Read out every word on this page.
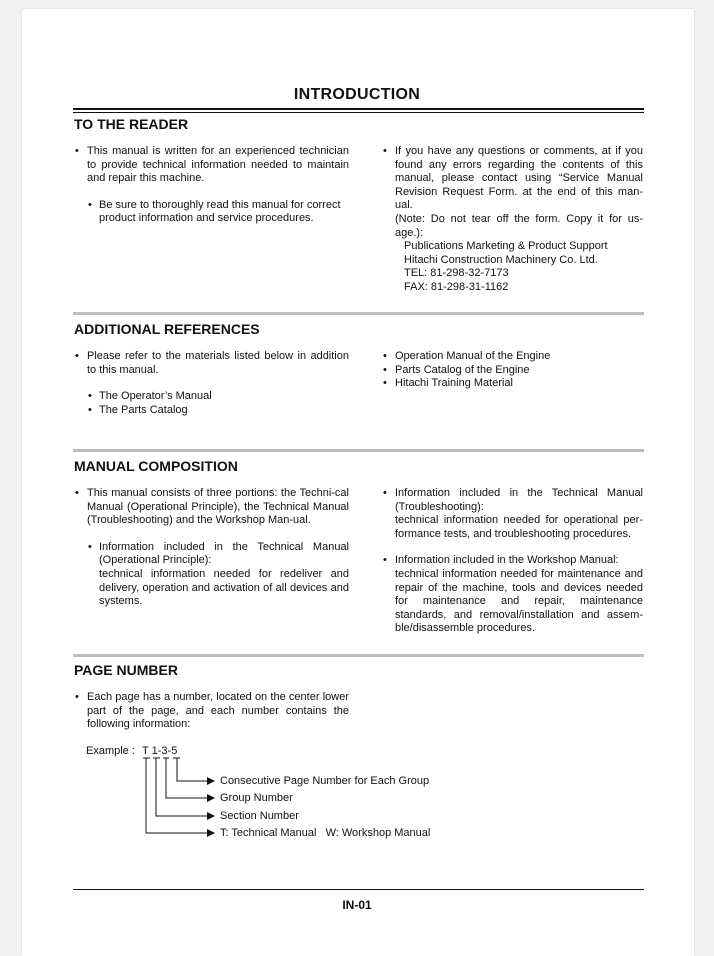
INTRODUCTION
TO THE READER

• This manual is written for an experienced technician to provide technical information needed to maintain and repair this machine.

• Be sure to thoroughly read this manual for correct product information and service procedures.

• If you have any questions or comments, at if you found any errors regarding the contents of this manual, please contact using “Service Manual Revision Request Form. at the end of this man-ual.

(Note: Do not tear off the form. Copy it for us-age.):

Publications Marketing & Product Support
Hitachi Construction Machinery Co. Ltd.
TEL: 81-298-32-7173
FAX: 81-298-31-1162
ADDITIONAL REFERENCES

• Please refer to the materials listed below in addition to this manual.

• The Operator’s Manual

• The Parts Catalog

• Operation Manual of the Engine

• Parts Catalog of the Engine

• Hitachi Training Material

MANUAL COMPOSITION

• This manual consists of three portions: the Techni-cal Manual (Operational Principle), the Technical Manual (Troubleshooting) and the Workshop Man-ual.

• Information included in the Technical Manual (Operational Principle):
technical information needed for redeliver and delivery, operation and activation of all devices and systems.

• Information included in the Technical Manual (Troubleshooting):
technical information needed for operational per-formance tests, and troubleshooting procedures.

• Information included in the Workshop Manual:
technical information needed for maintenance and repair of the machine, tools and devices needed for maintenance and repair, maintenance standards, and removal/installation and assem-ble/disassemble procedures.

PAGE NUMBER

• Each page has a number, located on the center lower part of the page, and each number contains the following information:

Example : T 1-3-5
Consecutive Page Number for Each Group
Group Number
Section Number
T: Technical Manual   W: Workshop Manual
IN-01
